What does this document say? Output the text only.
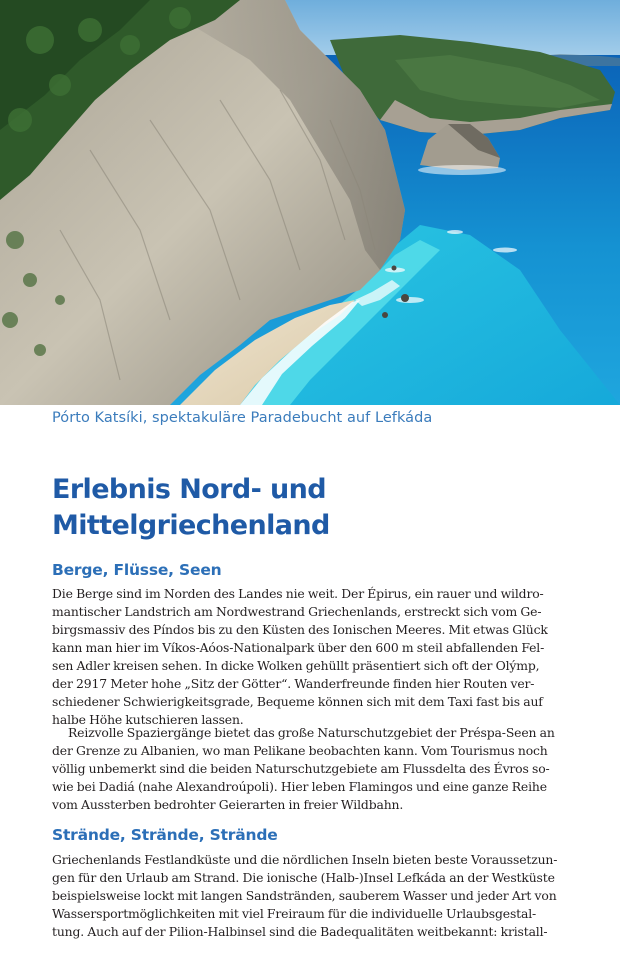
Pórto Katsíki, spektakuläre Paradebucht auf Lefkáda
Erlebnis Nord- und
Mittelgriechenland
Berge, Flüsse, Seen
Die Berge sind im Norden des Landes nie weit. Der Épirus, ein rauer und wildro-
mantischer Landstrich am Nordwestrand Griechenlands, erstreckt sich vom Ge-
birgsmassiv des Píndos bis zu den Küsten des Ionischen Meeres. Mit etwas Glück
kann man hier im Víkos-Aóos-Nationalpark über den 600 m steil abfallenden Fel-
sen Adler kreisen sehen. In dicke Wolken gehüllt präsentiert sich oft der Olýmp,
der 2917 Meter hohe „Sitz der Götter“. Wanderfreunde finden hier Routen ver-
schiedener Schwierigkeitsgrade, Bequeme können sich mit dem Taxi fast bis auf
halbe Höhe kutschieren lassen.
Reizvolle Spaziergänge bietet das große Naturschutzgebiet der Préspa-Seen an
der Grenze zu Albanien, wo man Pelikane beobachten kann. Vom Tourismus noch
völlig unbemerkt sind die beiden Naturschutzgebiete am Flussdelta des Évros so-
wie bei Dadiá (nahe Alexandroúpoli). Hier leben Flamingos und eine ganze Reihe
vom Aussterben bedrohter Geierarten in freier Wildbahn.
Strände, Strände, Strände
Griechenlands Festlandküste und die nördlichen Inseln bieten beste Voraussetzun-
gen für den Urlaub am Strand. Die ionische (Halb-)Insel Lefkáda an der Westküste
beispielsweise lockt mit langen Sandstränden, sauberem Wasser und jeder Art von
Wassersportmöglichkeiten mit viel Freiraum für die individuelle Urlaubsgestal-
tung. Auch auf der Pilion-Halbinsel sind die Badequalitäten weitbekannt: kristall-
